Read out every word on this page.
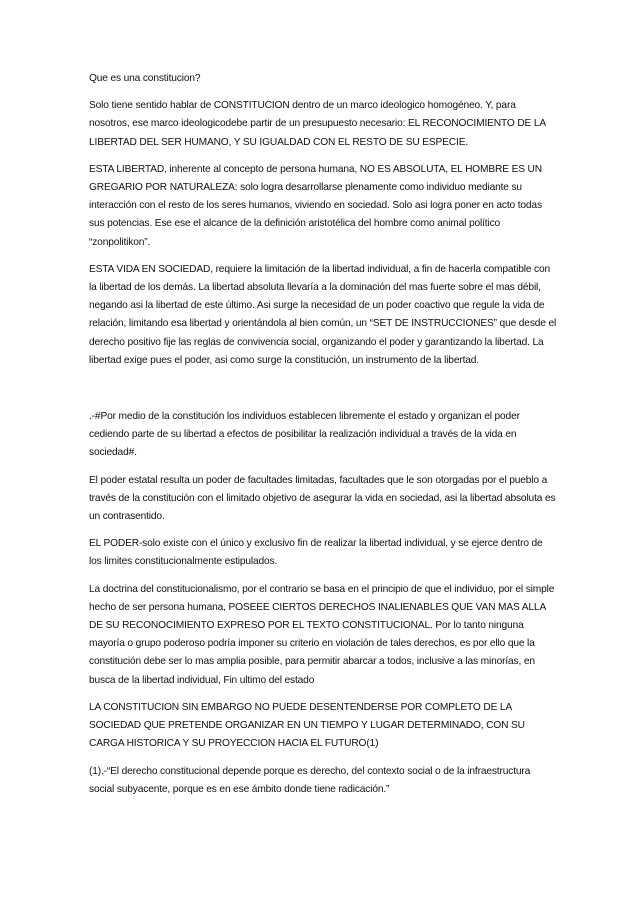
Que es una constitucion?

Solo tiene sentido hablar de CONSTITUCION dentro de un marco ideologico homogéneo. Y, para nosotros, ese marco ideologicodebe partir de un presupuesto necesario: EL RECONOCIMIENTO DE LA LIBERTAD DEL SER HUMANO, Y SU IGUALDAD CON EL RESTO DE SU ESPECIE.

ESTA LIBERTAD, inherente al concepto de persona humana, NO ES ABSOLUTA, EL HOMBRE ES UN GREGARIO POR NATURALEZA: solo logra desarrollarse plenamente como individuo mediante su interacción con el resto de los seres humanos, viviendo en sociedad. Solo asi logra poner en acto todas sus potencias. Ese ese el alcance de la definición aristotélica del hombre como animal político “zonpolitikon”.

ESTA VIDA EN SOCIEDAD, requiere la limitación de la libertad individual, a fin de hacerla compatible con la libertad de los demás. La libertad absoluta llevaría a la dominación del mas fuerte sobre el mas débil, negando asi la libertad de este último. Asi surge la necesidad de un poder coactivo que regule la vida de relación, limitando esa libertad y orientándola al bien común, un “SET DE INSTRUCCIONES” que desde el derecho positivo fije las reglas de convivencia social, organizando el poder y garantizando la libertad. La libertad exige pues el poder, asi como surge la constitución, un instrumento de la libertad.

.-#Por medio de la constitución los individuos establecen libremente el estado y organizan el poder cediendo parte de su libertad a efectos de posibilitar la realización individual a través de la vida en sociedad#.

El poder estatal resulta un poder de facultades limitadas, facultades que le son otorgadas por el pueblo a través de la constitución con el limitado objetivo de asegurar la vida en sociedad, asi la libertad absoluta es un contrasentido.

EL PODER-solo existe con el único y exclusivo fin de realizar la libertad individual, y se ejerce dentro de los limites constitucionalmente estipulados.

La doctrina del constitucionalismo, por el contrario se basa en el principio de que el individuo, por el simple hecho de ser persona humana, POSEEE CIERTOS DERECHOS INALIENABLES QUE VAN MAS ALLA DE SU RECONOCIMIENTO EXPRESO POR EL TEXTO CONSTITUCIONAL. Por lo tanto ninguna mayoría o grupo poderoso podría imponer su criterio en violación de tales derechos, es por ello que la constitución debe ser lo mas amplia posible, para permitir abarcar a todos, inclusive a las minorías, en busca de la libertad individual, Fin ultimo del estado

LA CONSTITUCION SIN EMBARGO NO PUEDE DESENTENDERSE POR COMPLETO DE LA SOCIEDAD QUE PRETENDE ORGANIZAR EN UN TIEMPO Y LUGAR DETERMINADO, CON SU CARGA HISTORICA Y SU PROYECCION HACIA EL FUTURO(1)

(1).-“El derecho constitucional depende porque es derecho, del contexto social o de la infraestructura social subyacente, porque es en ese ámbito donde tiene radicación.”
